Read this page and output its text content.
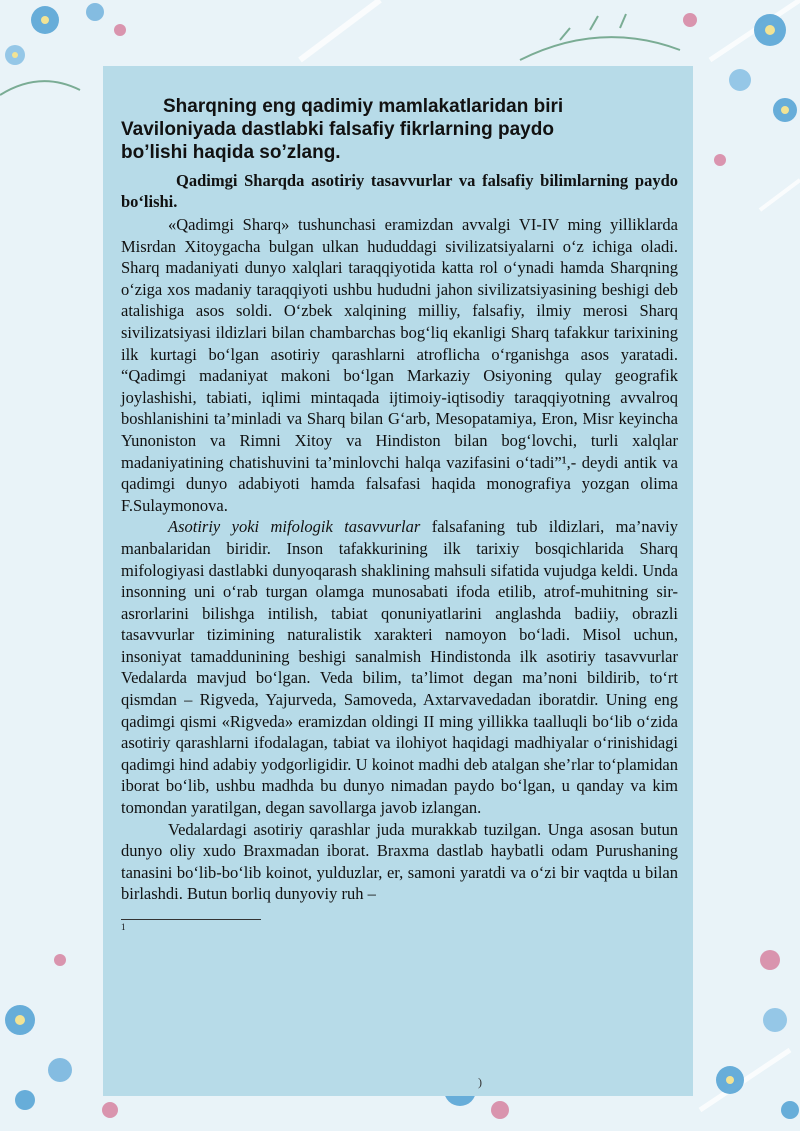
Sharqning eng qadimiy mamlakatlaridan biri
Vaviloniyada dastlabki falsafiy fikrlarning paydo
bo’lishi haqida so’zlang.

Qadimgi Sharqda asotiriy tasavvurlar va falsafiy bilimlarning paydo bo‘lishi.

«Qadimgi Sharq» tushunchasi eramizdan avvalgi VI-IV ming yilliklarda Misrdan Xitoygacha bulgan ulkan hududdagi sivilizatsiyalarni o‘z ichiga oladi. Sharq madaniyati dunyo xalqlari taraqqiyotida katta rol o‘ynadi hamda Sharqning o‘ziga xos madaniy taraqqiyoti ushbu hududni jahon sivilizatsiyasining beshigi deb atalishiga asos soldi. O‘zbek xalqining milliy, falsafiy, ilmiy merosi Sharq sivilizatsiyasi ildizlari bilan chambarchas bog‘liq ekanligi Sharq tafakkur tarixining ilk kurtagi bo‘lgan asotiriy qarashlarni atroflicha o‘rganishga asos yaratadi. “Qadimgi madaniyat makoni bo‘lgan Markaziy Osiyoning qulay geografik joylashishi, tabiati, iqlimi mintaqada ijtimoiy-iqtisodiy taraqqiyotning avvalroq boshlanishini ta’minladi va Sharq bilan G‘arb, Mesopatamiya, Eron, Misr keyincha Yunoniston va Rimni Xitoy va Hindiston bilan bog‘lovchi, turli xalqlar madaniyatining chatishuvini ta’minlovchi halqa vazifasini o‘tadi”¹,- deydi antik va qadimgi dunyo adabiyoti hamda falsafasi haqida monografiya yozgan olima F.Sulaymonova.

Asotiriy yoki mifologik tasavvurlar falsafaning tub ildizlari, ma’naviy manbalaridan biridir. Inson tafakkurining ilk tarixiy bosqichlarida Sharq mifologiyasi dastlabki dunyoqarash shaklining mahsuli sifatida vujudga keldi. Unda insonning uni o‘rab turgan olamga munosabati ifoda etilib, atrof-muhitning sir- asrorlarini bilishga intilish, tabiat qonuniyatlarini anglashda badiiy, obrazli tasavvurlar tizimining naturalistik xarakteri namoyon bo‘ladi. Misol uchun, insoniyat tamaddunining beshigi sanalmish Hindistonda ilk asotiriy tasavvurlar Vedalarda mavjud bo‘lgan. Veda bilim, ta’limot degan ma’noni bildirib, to‘rt qismdan – Rigveda, Yajurveda, Samoveda, Axtarvavedadan iboratdir. Uning eng qadimgi qismi «Rigveda» eramizdan oldingi II ming yillikka taalluqli bo‘lib o‘zida asotiriy qarashlarni ifodalagan, tabiat va ilohiyot haqidagi madhiyalar o‘rinishidagi qadimgi hind adabiy yodgorligidir. U koinot madhi deb atalgan she’rlar to‘plamidan iborat bo‘lib, ushbu madhda bu dunyo nimadan paydo bo‘lgan, u qanday va kim tomondan yaratilgan, degan savollarga javob izlangan.

Vedalardagi asotiriy qarashlar juda murakkab tuzilgan. Unga asosan butun dunyo oliy xudo Braxmadan iborat. Braxma dastlab haybatli odam Purushaning tanasini bo‘lib-bo‘lib koinot, yulduzlar, er, samoni yaratdi va o‘zi bir vaqtda u bilan birlashdi. Butun borliq dunyoviy ruh –

1
)
